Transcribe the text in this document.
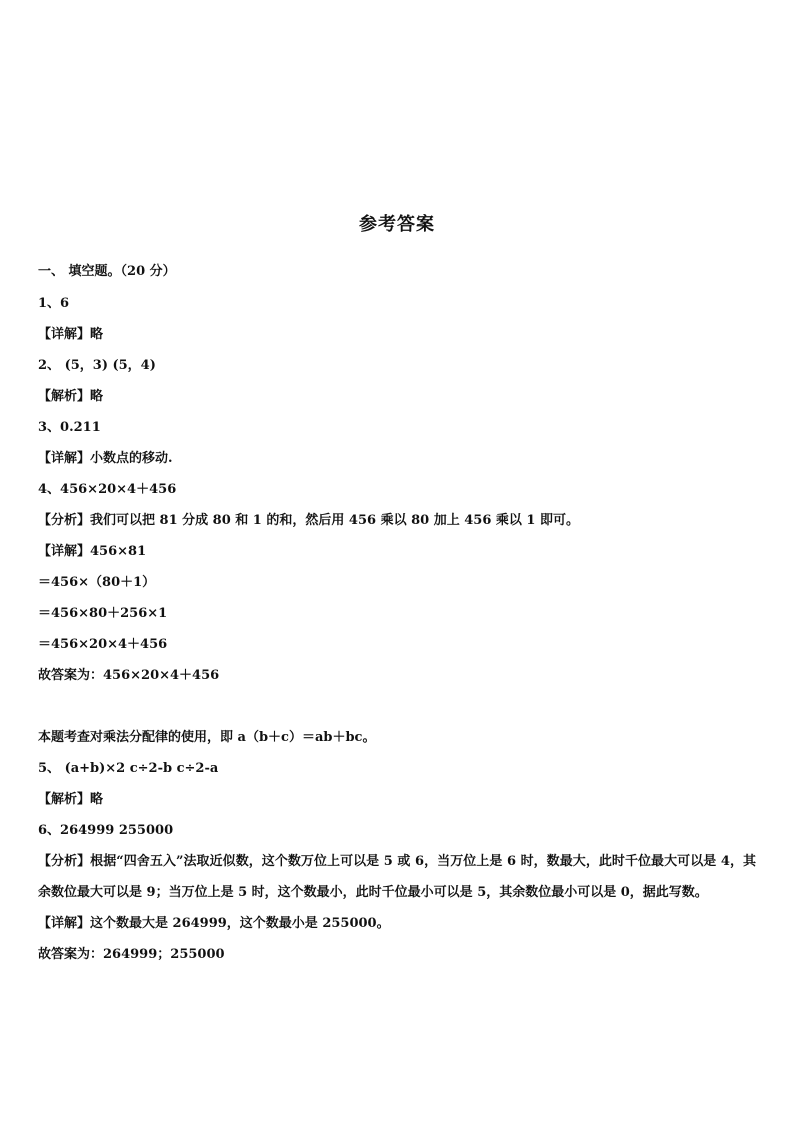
参考答案
一、 填空题。（20 分）
1、6
【详解】略
2、 (5，3) (5，4)
【解析】略
3、0.211
【详解】小数点的移动.
4、456×20×4＋456
【分析】我们可以把 81 分成 80 和 1 的和，然后用 456 乘以 80 加上 456 乘以 1 即可。
【详解】456×81
＝456×（80＋1）
＝456×80＋256×1
＝456×20×4＋456
故答案为：456×20×4＋456
本题考查对乘法分配律的使用，即 a（b＋c）＝ab＋bc。
5、 (a+b)×2 c÷2-b c÷2-a
【解析】略
6、264999 255000
【分析】根据“四舍五入”法取近似数，这个数万位上可以是 5 或 6，当万位上是 6 时，数最大，此时千位最大可以是 4，其余数位最大可以是 9；当万位上是 5 时，这个数最小，此时千位最小可以是 5，其余数位最小可以是 0，据此写数。
【详解】这个数最大是 264999，这个数最小是 255000。
故答案为：264999；255000
